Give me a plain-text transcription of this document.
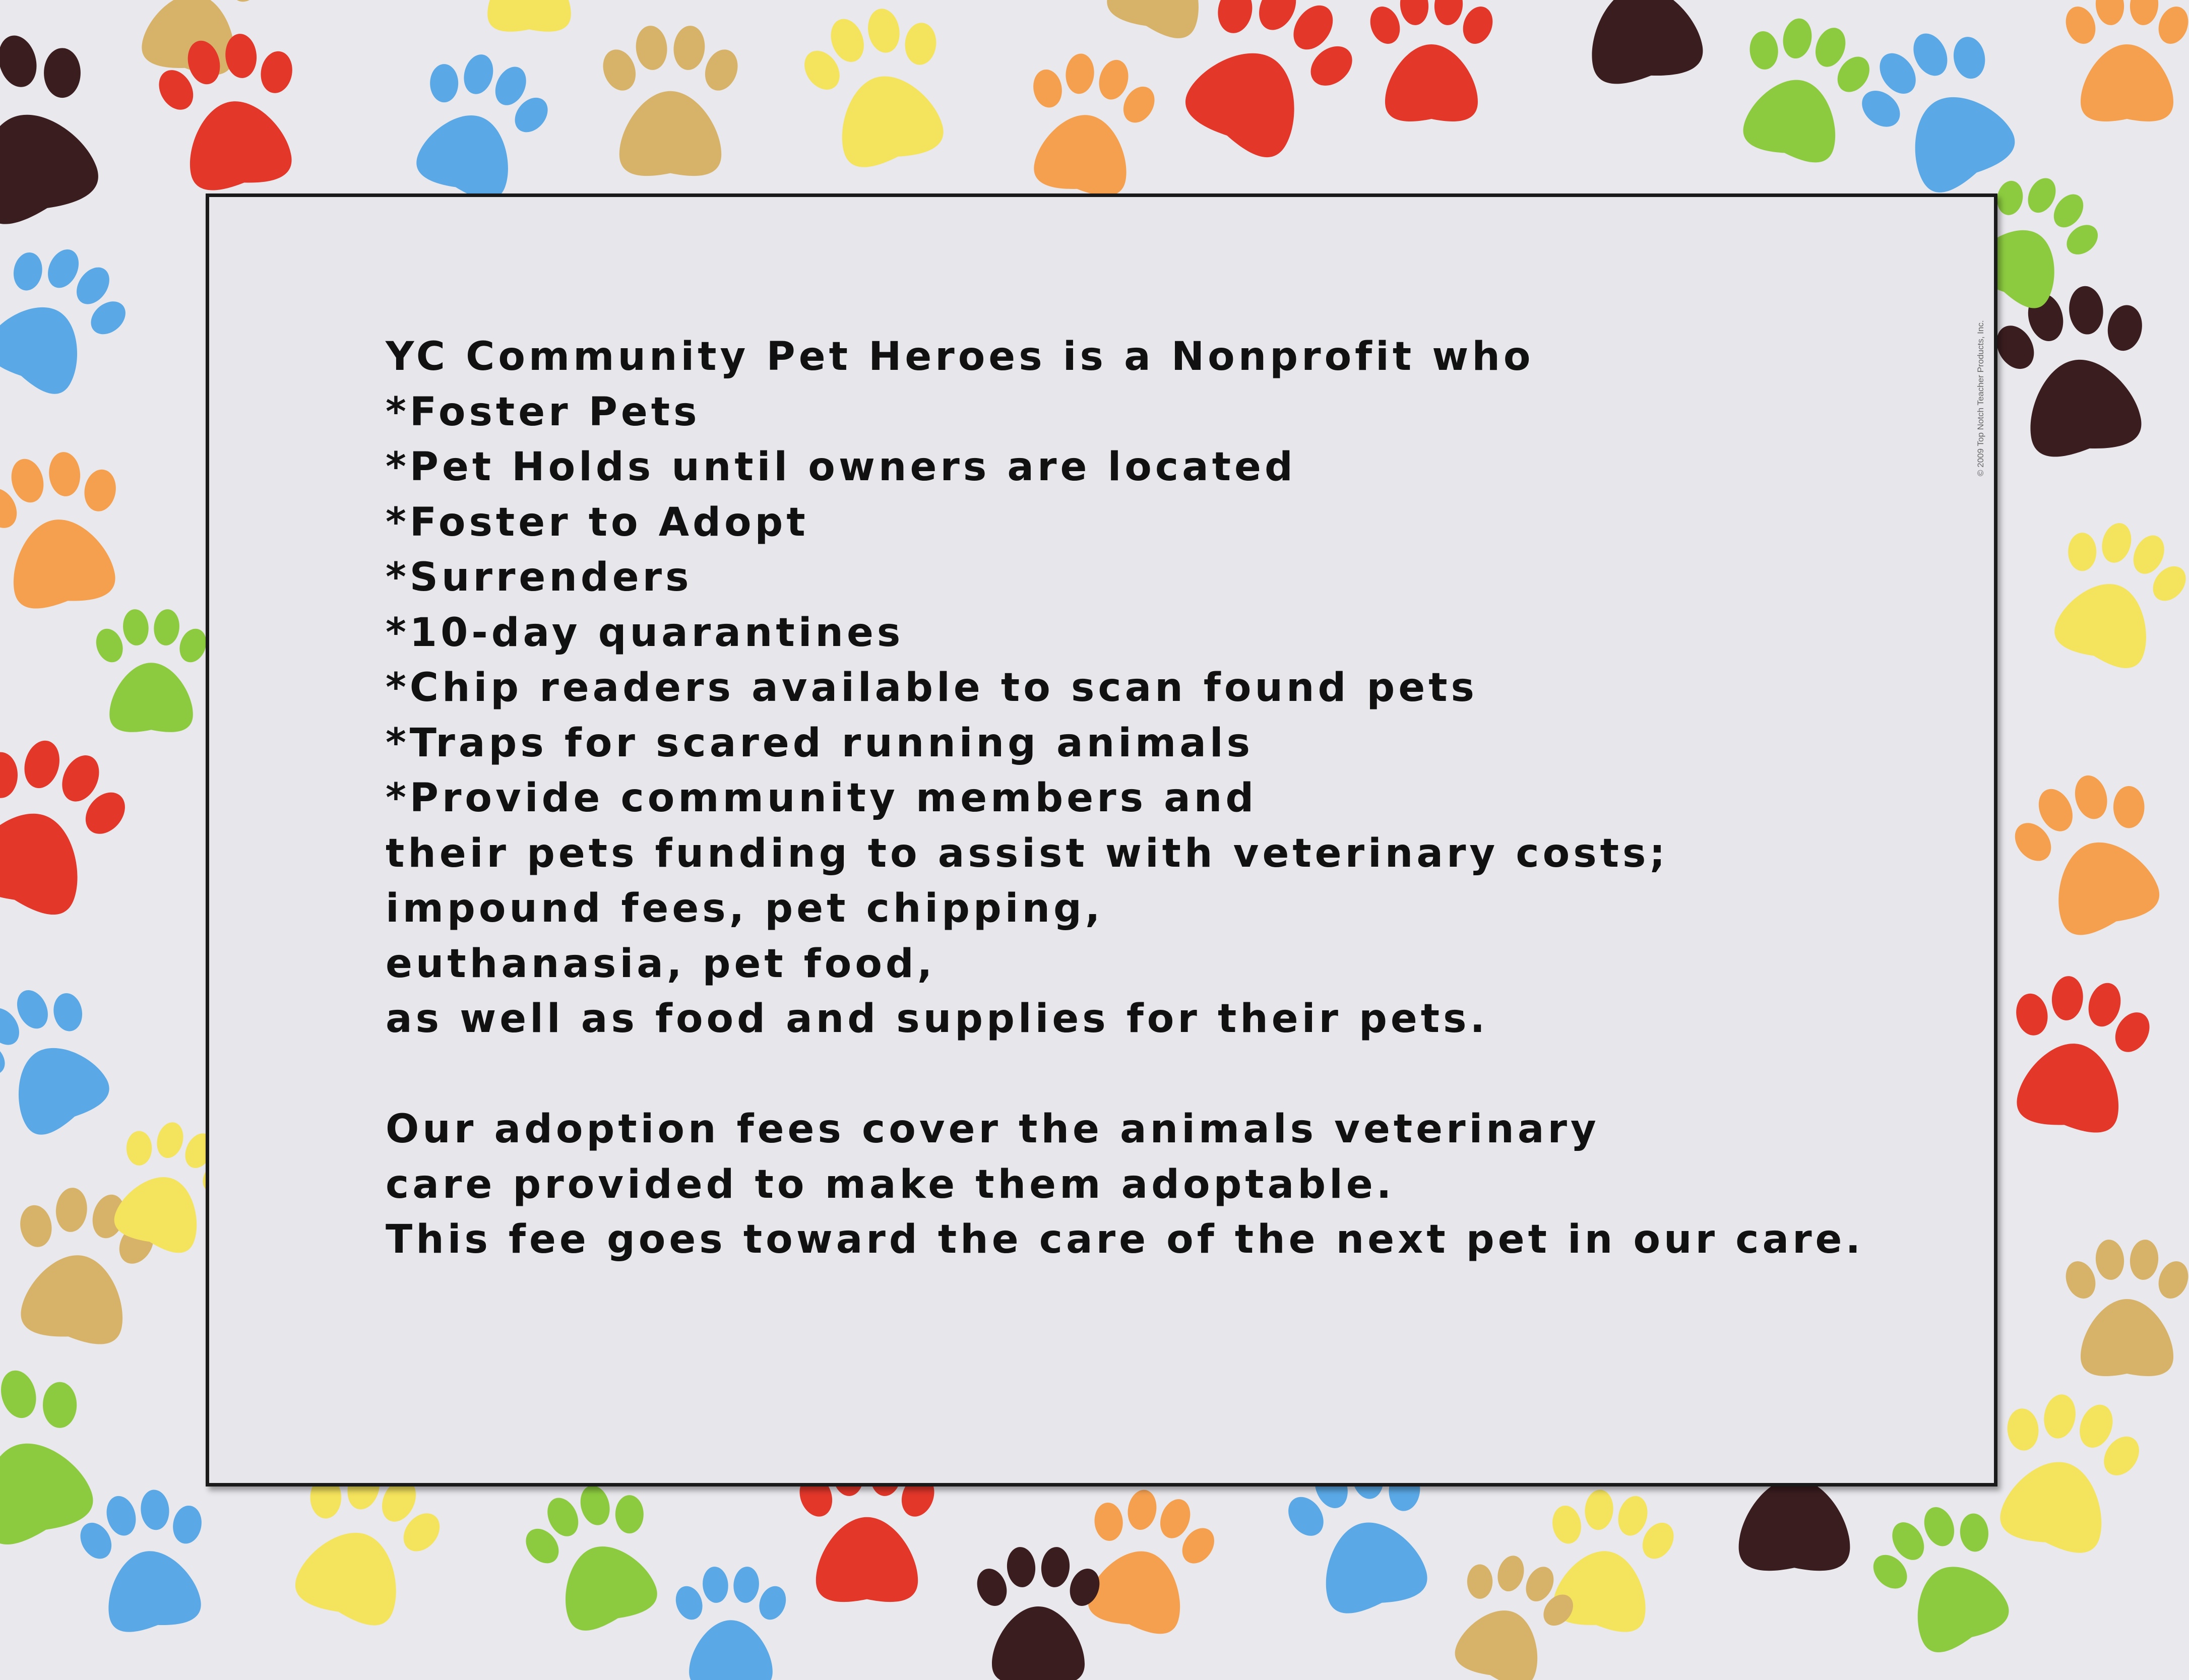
© 2009 Top Notch Teacher Products, Inc.
YC Community Pet Heroes is a Nonprofit who
*Foster Pets
*Pet Holds until owners are located
*Foster to Adopt
*Surrenders
*10-day quarantines
*Chip readers available to scan found pets
*Traps for scared running animals
*Provide community members and
their pets funding to assist with veterinary costs;
impound fees, pet chipping,
euthanasia, pet food,
as well as food and supplies for their pets.
Our adoption fees cover the animals veterinary
care provided to make them adoptable.
This fee goes toward the care of the next pet in our care.
